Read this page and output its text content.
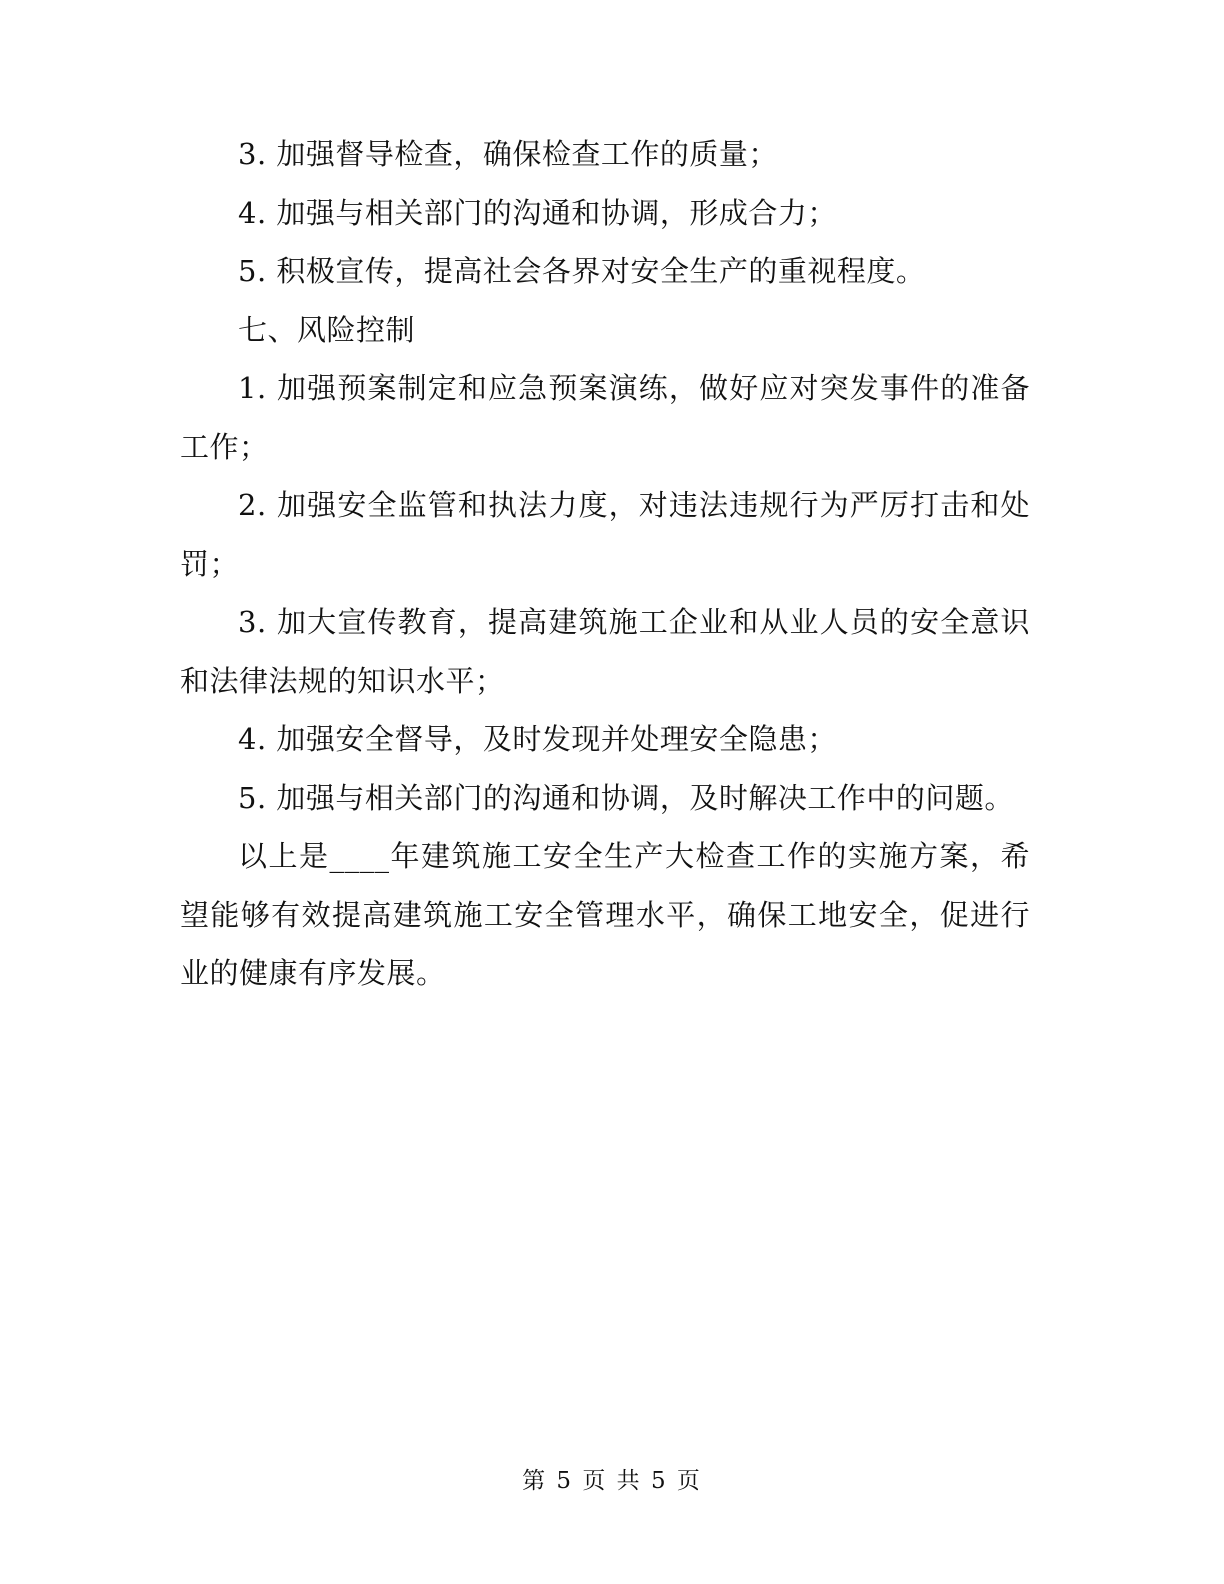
3. 加强督导检查，确保检查工作的质量；

4. 加强与相关部门的沟通和协调，形成合力；

5. 积极宣传，提高社会各界对安全生产的重视程度。

七、风险控制

1. 加强预案制定和应急预案演练，做好应对突发事件的准备工作；

2. 加强安全监管和执法力度，对违法违规行为严厉打击和处罚；

3. 加大宣传教育，提高建筑施工企业和从业人员的安全意识和法律法规的知识水平；

4. 加强安全督导，及时发现并处理安全隐患；

5. 加强与相关部门的沟通和协调，及时解决工作中的问题。

以上是____年建筑施工安全生产大检查工作的实施方案，希望能够有效提高建筑施工安全管理水平，确保工地安全，促进行业的健康有序发展。

第 5 页 共 5 页
